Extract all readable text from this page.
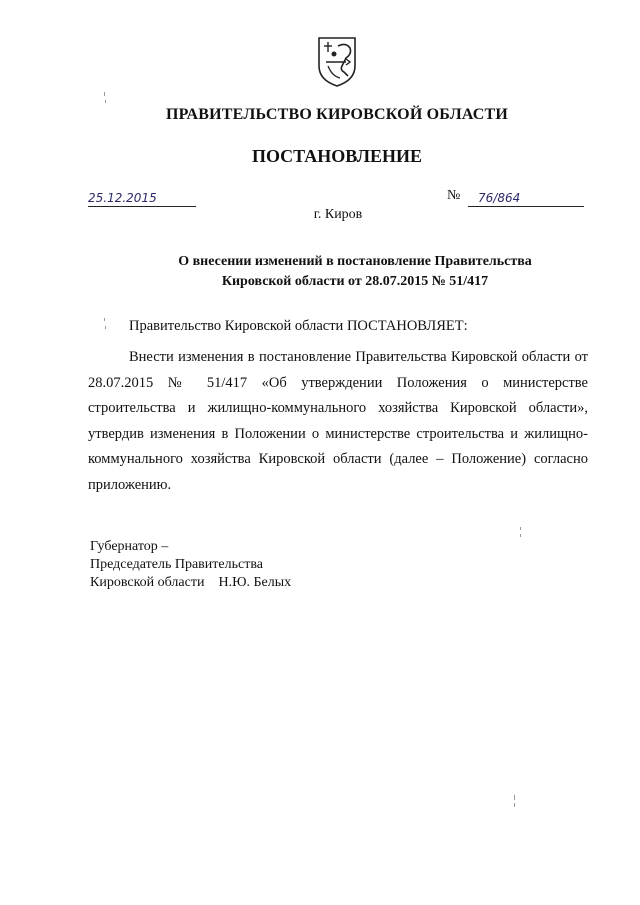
ПРАВИТЕЛЬСТВО КИРОВСКОЙ ОБЛАСТИ
ПОСТАНОВЛЕНИЕ
25.12.2015	№ 76/864
г. Киров
О внесении изменений в постановление Правительства
Кировской области от 28.07.2015 № 51/417
Правительство Кировской области ПОСТАНОВЛЯЕТ:

Внести изменения в постановление Правительства Кировской области от 28.07.2015 № 51/417 «Об утверждении Положения о министерстве строительства и жилищно-коммунального хозяйства Кировской области», утвердив изменения в Положении о министерстве строительства и жилищно-коммунального хозяйства Кировской области (далее – Положение) согласно приложению.

Губернатор –
Председатель Правительства
Кировской области Н.Ю. Белых
